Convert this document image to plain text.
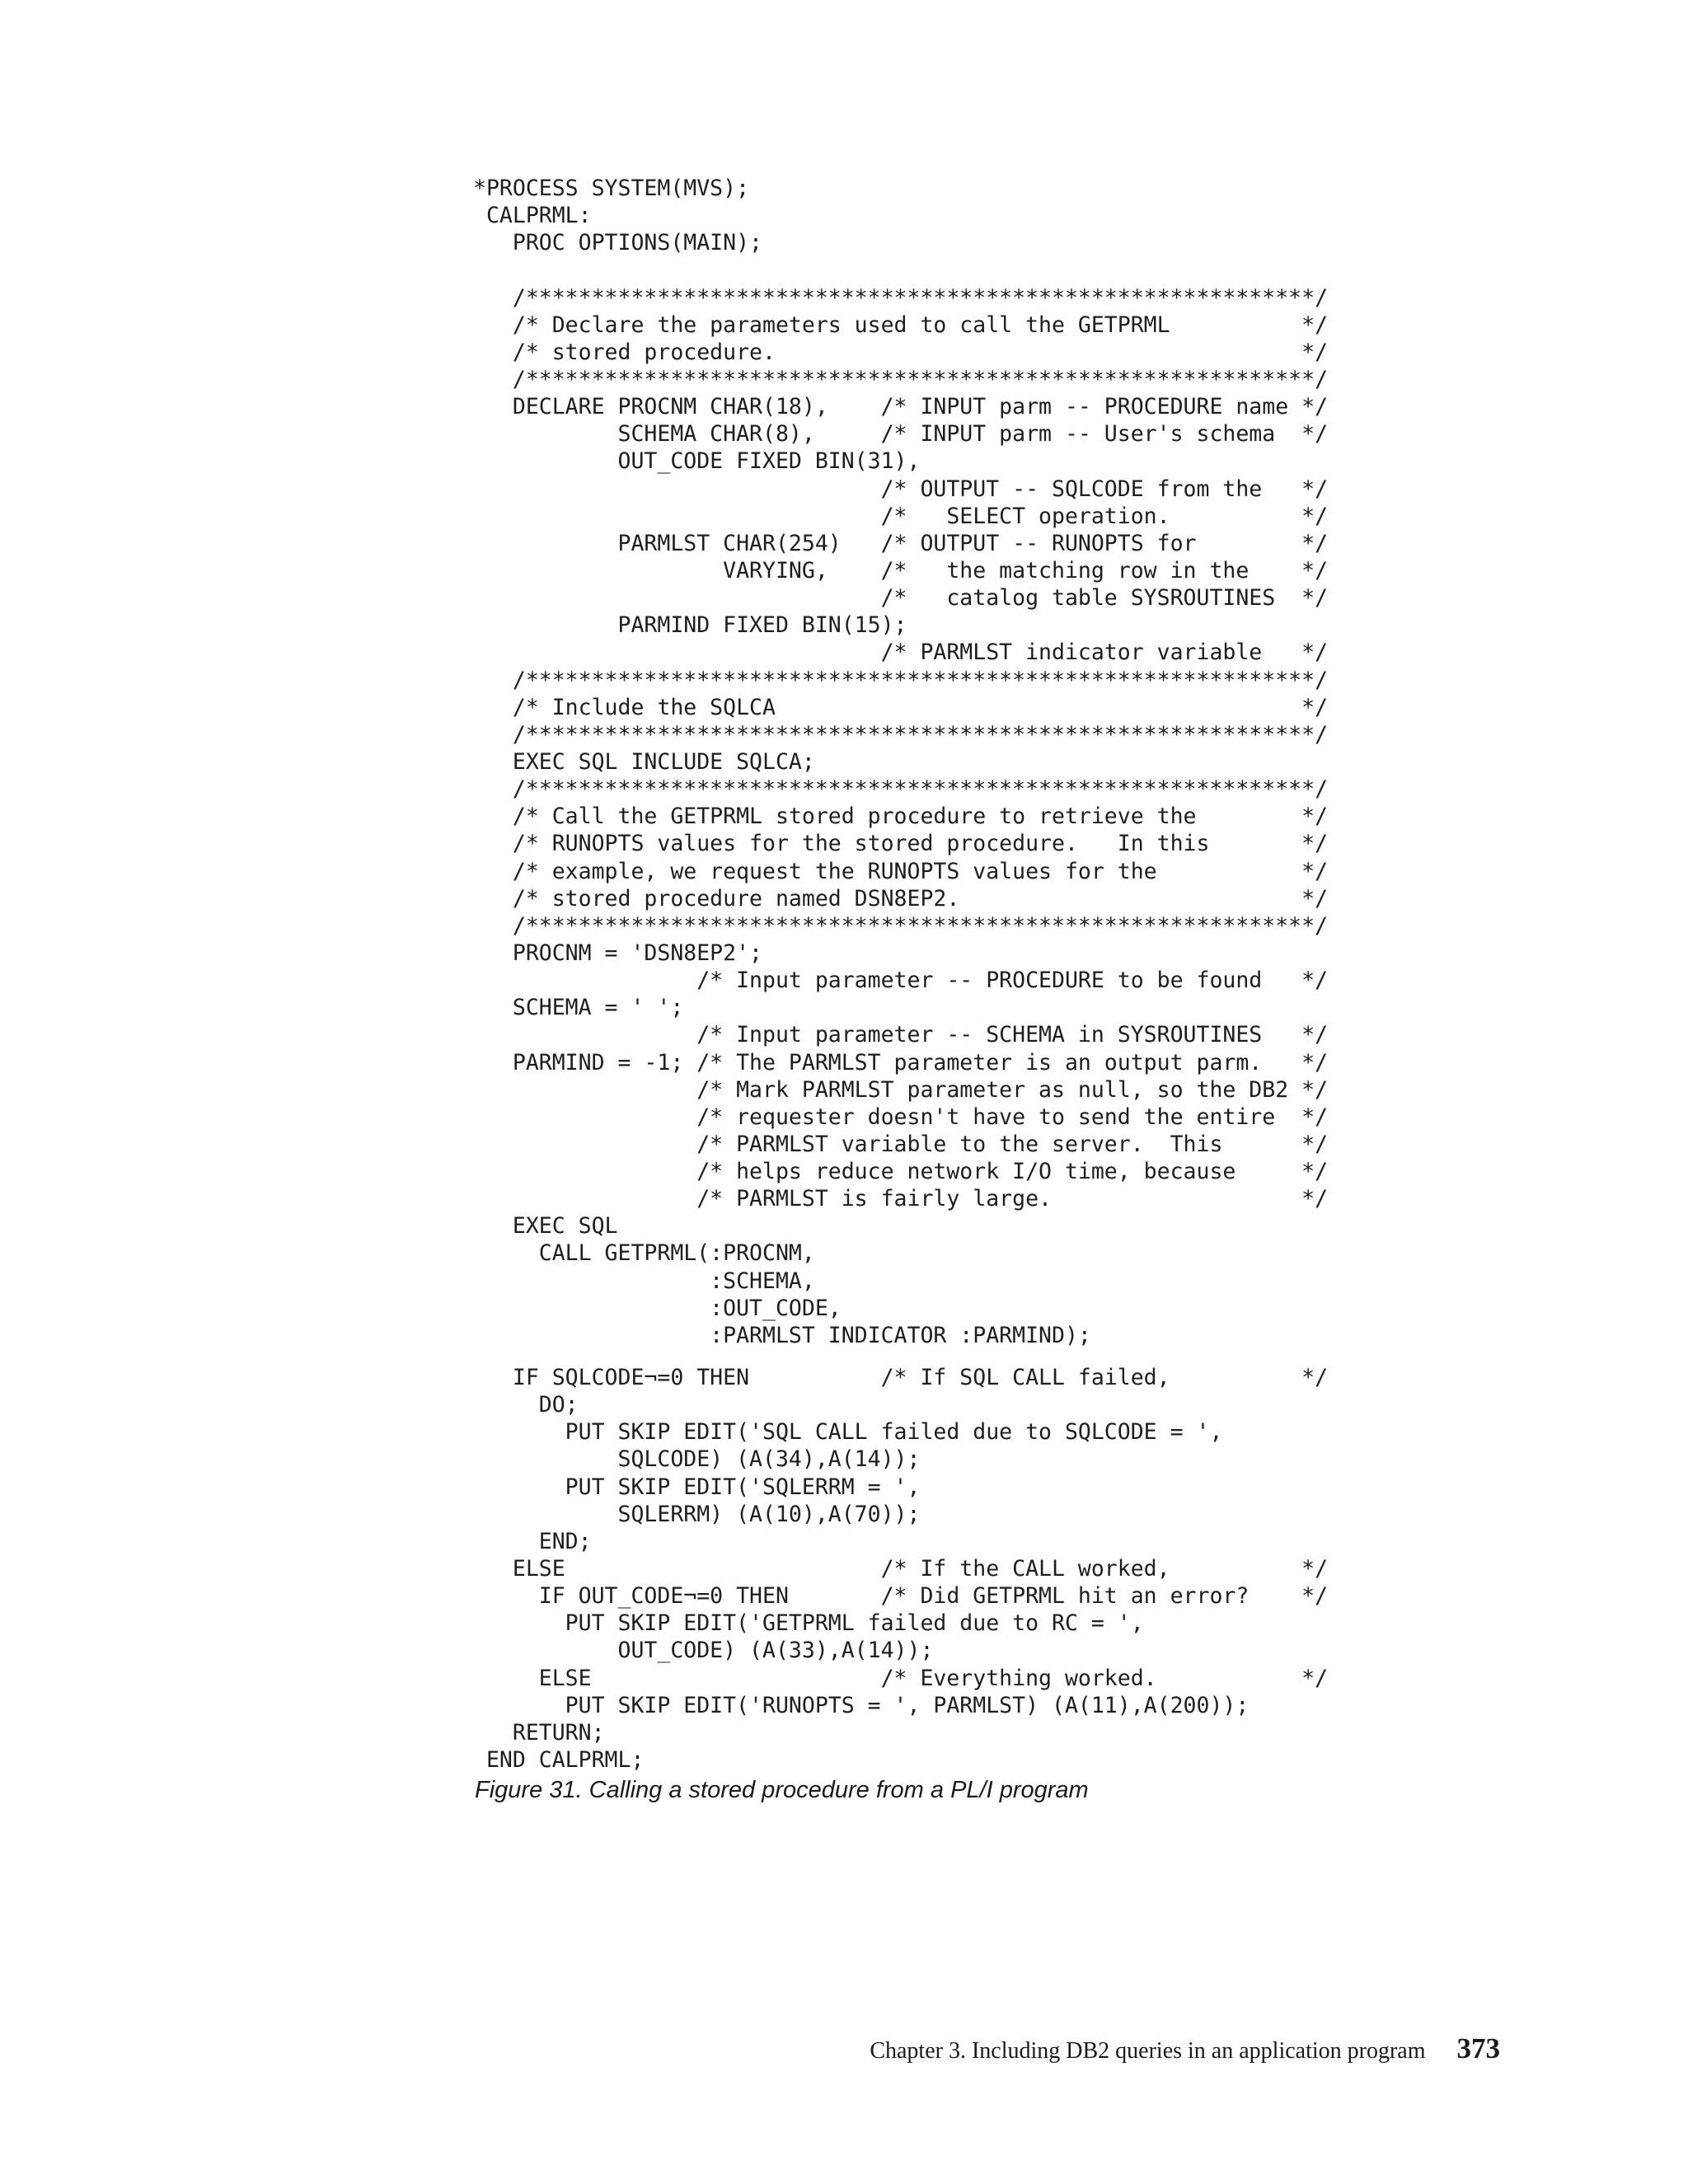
*PROCESS SYSTEM(MVS);
CALPRML:
PROC OPTIONS(MAIN);

/************************************************************/
/* Declare the parameters used to call the GETPRML          */
/* stored procedure.                                        */
/************************************************************/
DECLARE PROCNM CHAR(18),    /* INPUT parm -- PROCEDURE name */
SCHEMA CHAR(8),     /* INPUT parm -- User's schema  */
OUT_CODE FIXED BIN(31),
/* OUTPUT -- SQLCODE from the   */
/*   SELECT operation.          */
PARMLST CHAR(254)   /* OUTPUT -- RUNOPTS for        */
VARYING,    /*   the matching row in the    */
/*   catalog table SYSROUTINES  */
PARMIND FIXED BIN(15);
/* PARMLST indicator variable   */
/************************************************************/
/* Include the SQLCA                                        */
/************************************************************/
EXEC SQL INCLUDE SQLCA;
/************************************************************/
/* Call the GETPRML stored procedure to retrieve the        */
/* RUNOPTS values for the stored procedure.   In this       */
/* example, we request the RUNOPTS values for the           */
/* stored procedure named DSN8EP2.                          */
/************************************************************/
PROCNM = 'DSN8EP2';
/* Input parameter -- PROCEDURE to be found   */
SCHEMA = ' ';
/* Input parameter -- SCHEMA in SYSROUTINES   */
PARMIND = -1; /* The PARMLST parameter is an output parm.   */
/* Mark PARMLST parameter as null, so the DB2 */
/* requester doesn't have to send the entire  */
/* PARMLST variable to the server.  This      */
/* helps reduce network I/O time, because     */
/* PARMLST is fairly large.                   */
EXEC SQL
CALL GETPRML(:PROCNM,
:SCHEMA,
:OUT_CODE,
:PARMLST INDICATOR :PARMIND);
IF SQLCODE¬=0 THEN          /* If SQL CALL failed,          */
DO;
PUT SKIP EDIT('SQL CALL failed due to SQLCODE = ',
SQLCODE) (A(34),A(14));
PUT SKIP EDIT('SQLERRM = ',
SQLERRM) (A(10),A(70));
END;
ELSE                        /* If the CALL worked,          */
IF OUT_CODE¬=0 THEN       /* Did GETPRML hit an error?    */
PUT SKIP EDIT('GETPRML failed due to RC = ',
OUT_CODE) (A(33),A(14));
ELSE                      /* Everything worked.           */
PUT SKIP EDIT('RUNOPTS = ', PARMLST) (A(11),A(200));
RETURN;
END CALPRML;
Figure 31. Calling a stored procedure from a PL/I program
Chapter 3. Including DB2 queries in an application program 373
